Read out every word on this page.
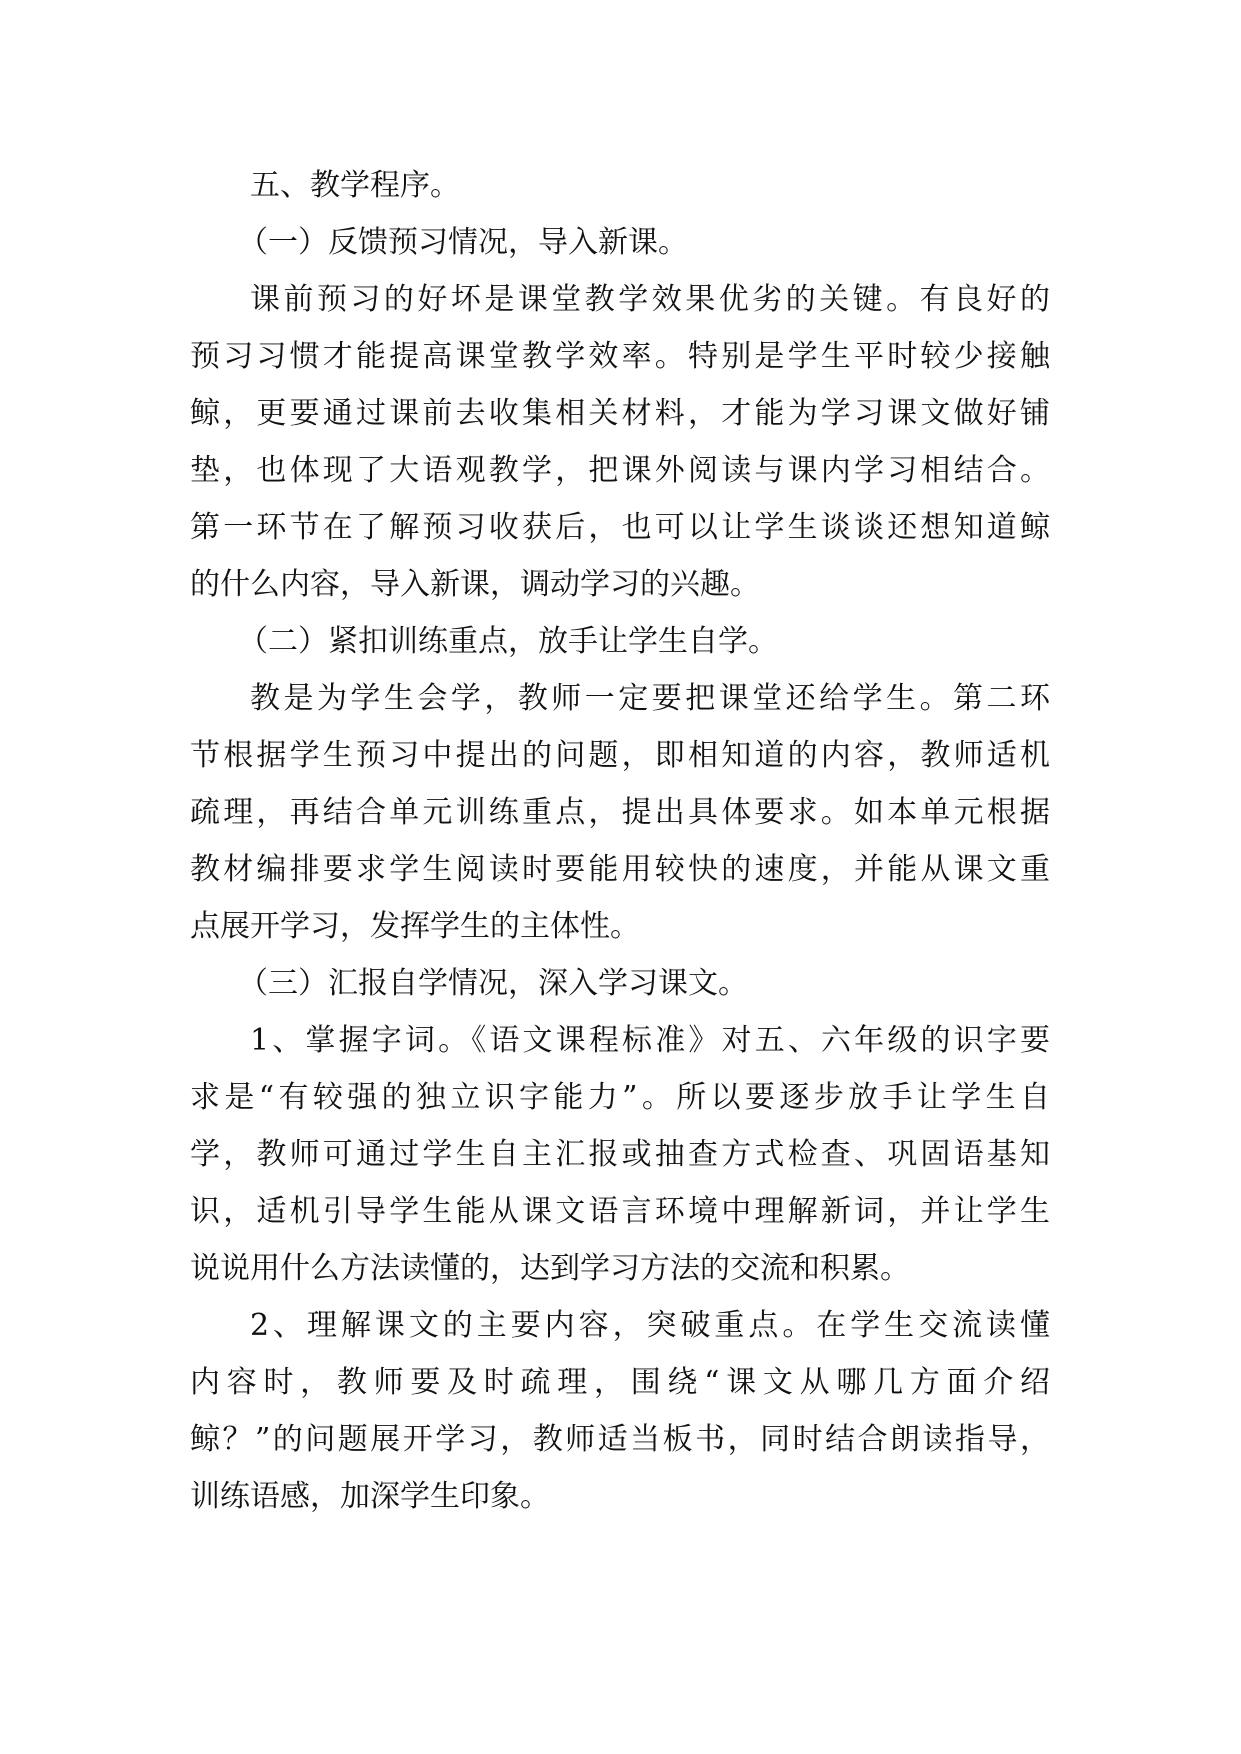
五、教学程序。
（一）反馈预习情况，导入新课。
课前预习的好坏是课堂教学效果优劣的关键。有良好的
预习习惯才能提高课堂教学效率。特别是学生平时较少接触
鲸，更要通过课前去收集相关材料，才能为学习课文做好铺
垫，也体现了大语观教学，把课外阅读与课内学习相结合。
第一环节在了解预习收获后，也可以让学生谈谈还想知道鲸
的什么内容，导入新课，调动学习的兴趣。
（二）紧扣训练重点，放手让学生自学。
教是为学生会学，教师一定要把课堂还给学生。第二环
节根据学生预习中提出的问题，即相知道的内容，教师适机
疏理，再结合单元训练重点，提出具体要求。如本单元根据
教材编排要求学生阅读时要能用较快的速度，并能从课文重
点展开学习，发挥学生的主体性。
（三）汇报自学情况，深入学习课文。
1、掌握字词。《语文课程标准》对五、六年级的识字要
求是“有较强的独立识字能力”。所以要逐步放手让学生自
学，教师可通过学生自主汇报或抽查方式检查、巩固语基知
识，适机引导学生能从课文语言环境中理解新词，并让学生
说说用什么方法读懂的，达到学习方法的交流和积累。
2、理解课文的主要内容，突破重点。在学生交流读懂
内容时，教师要及时疏理，围绕“课文从哪几方面介绍
鲸？”的问题展开学习，教师适当板书，同时结合朗读指导，
训练语感，加深学生印象。
